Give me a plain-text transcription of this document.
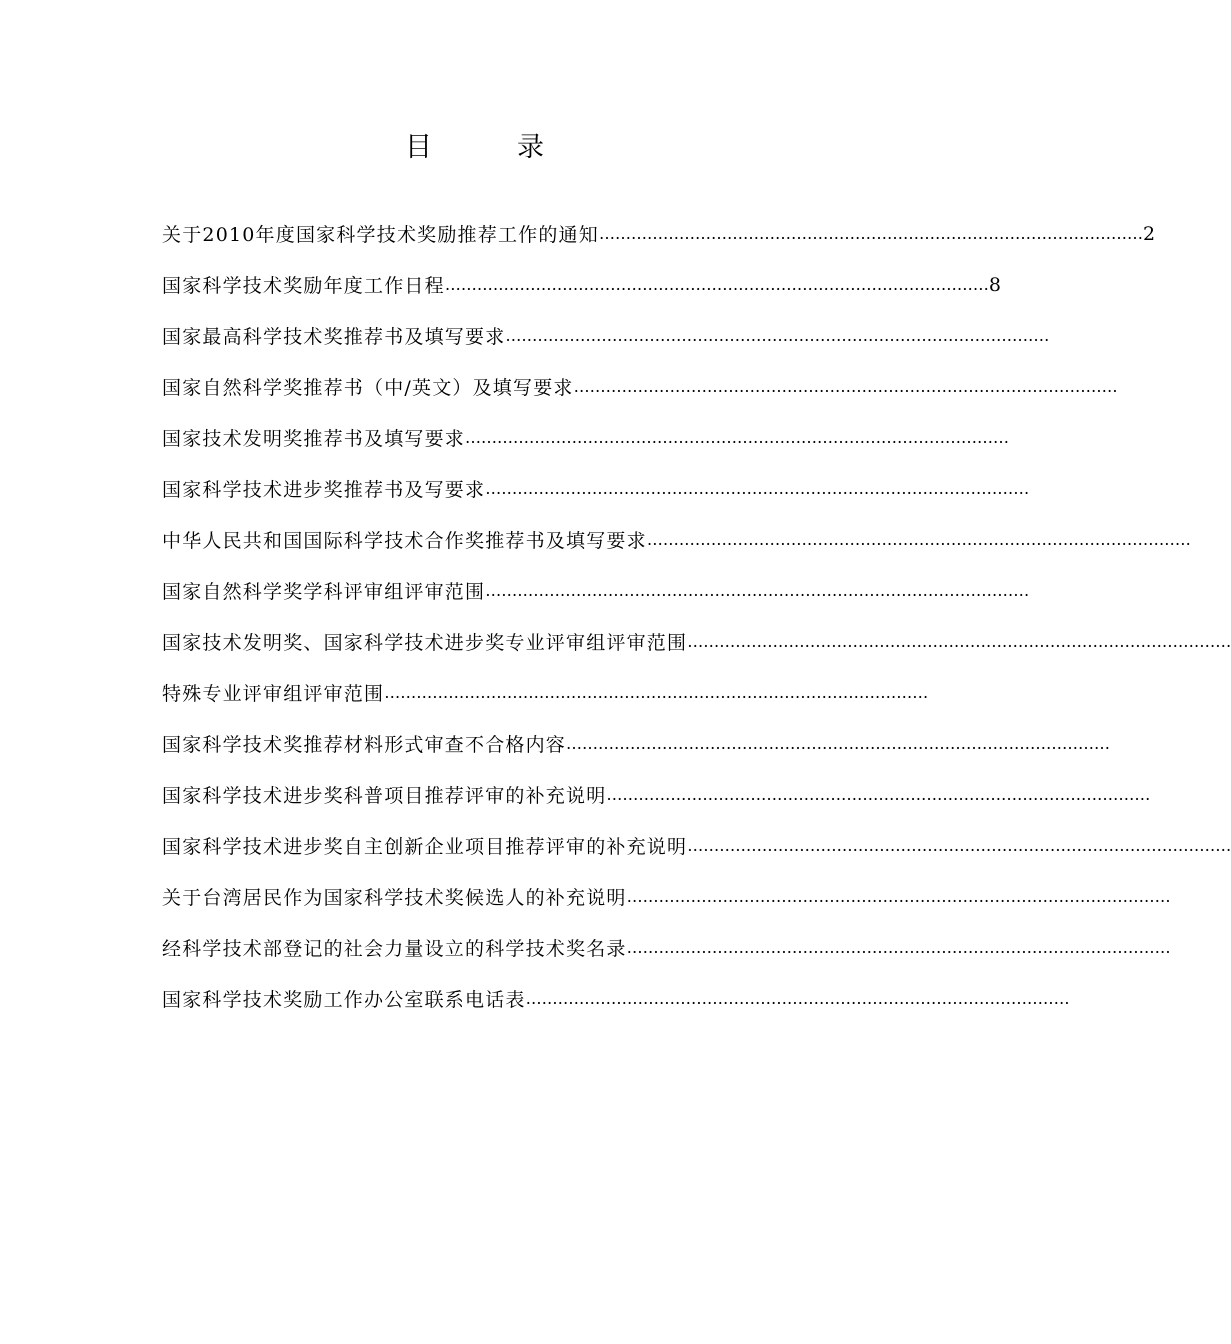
目	录
关于2010年度国家科学技术奖励推荐工作的通知 ………………………………………………………………………………………… 2
国家科学技术奖励年度工作日程 ………………………………………………………………………………………… 8
国家最高科学技术奖推荐书及填写要求 …………………………………………………………………………………………
国家自然科学奖推荐书（中/英文）及填写要求 …………………………………………………………………………………………
国家技术发明奖推荐书及填写要求 …………………………………………………………………………………………
国家科学技术进步奖推荐书及写要求 …………………………………………………………………………………………
中华人民共和国国际科学技术合作奖推荐书及填写要求 …………………………………………………………………………………………
国家自然科学奖学科评审组评审范围 …………………………………………………………………………………………
国家技术发明奖、国家科学技术进步奖专业评审组评审范围 …………………………………………………………………………………………
特殊专业评审组评审范围 …………………………………………………………………………………………
国家科学技术奖推荐材料形式审查不合格内容 …………………………………………………………………………………………
国家科学技术进步奖科普项目推荐评审的补充说明 …………………………………………………………………………………………
国家科学技术进步奖自主创新企业项目推荐评审的补充说明 …………………………………………………………………………………………
关于台湾居民作为国家科学技术奖候选人的补充说明 …………………………………………………………………………………………
经科学技术部登记的社会力量设立的科学技术奖名录 …………………………………………………………………………………………
国家科学技术奖励工作办公室联系电话表 …………………………………………………………………………………………
